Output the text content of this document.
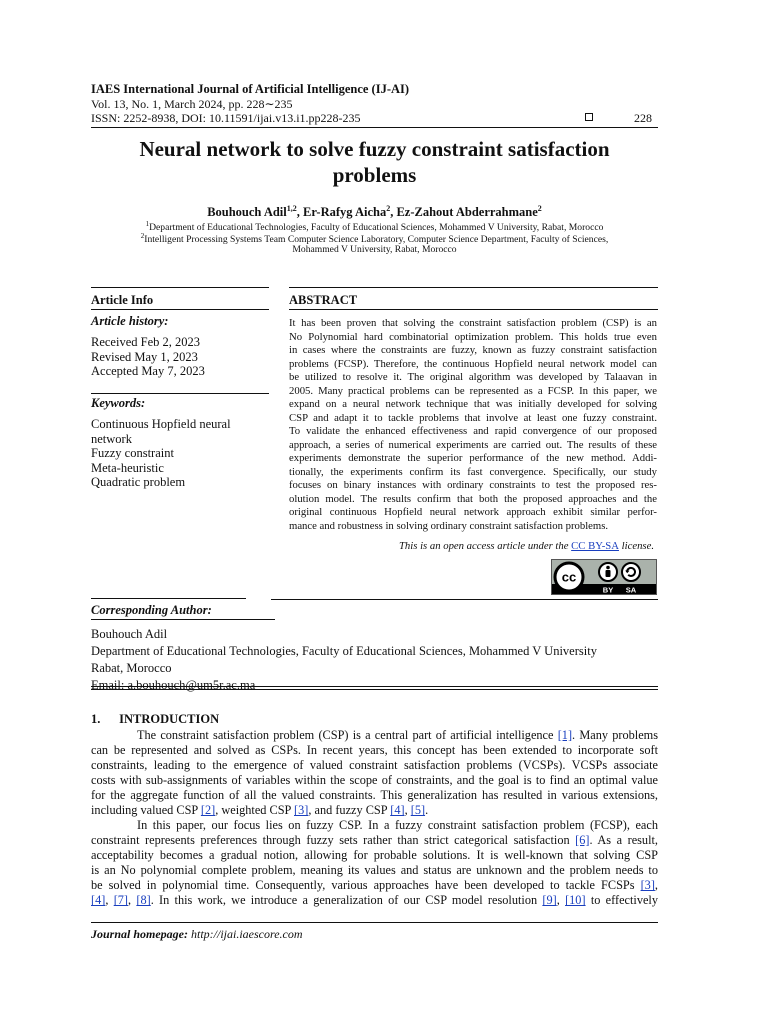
IAES International Journal of Artificial Intelligence (IJ-AI)
Vol. 13, No. 1, March 2024, pp. 228∼235
ISSN: 2252-8938, DOI: 10.11591/ijai.v13.i1.pp228-235	228
Neural network to solve fuzzy constraint satisfaction
problems
Bouhouch Adil$^{1,2}$, Er-Rafyg Aicha$^2$, Ez-Zahout Abderrahmane$^2$
$^1$Department of Educational Technologies, Faculty of Educational Sciences, Mohammed V University, Rabat, Morocco
$^2$Intelligent Processing Systems Team Computer Science Laboratory, Computer Science Department, Faculty of Sciences,
Mohammed V University, Rabat, Morocco
Article Info	ABSTRACT
Article history:
Received Feb 2, 2023
Revised May 1, 2023
Accepted May 7, 2023
Keywords:
Continuous Hopfield neural
network
Fuzzy constraint
Meta-heuristic
Quadratic problem
It has been proven that solving the constraint satisfaction problem (CSP) is an
No Polynomial hard combinatorial optimization problem. This holds true even
in cases where the constraints are fuzzy, known as fuzzy constraint satisfaction
problems (FCSP). Therefore, the continuous Hopfield neural network model can
be utilized to resolve it. The original algorithm was developed by Talaavan in
2005. Many practical problems can be represented as a FCSP. In this paper, we
expand on a neural network technique that was initially developed for solving
CSP and adapt it to tackle problems that involve at least one fuzzy constraint.
To validate the enhanced effectiveness and rapid convergence of our proposed
approach, a series of numerical experiments are carried out. The results of these
experiments demonstrate the superior performance of the new method. Addi-
tionally, the experiments confirm its fast convergence. Specifically, our study
focuses on binary instances with ordinary constraints to test the proposed res-
olution model. The results confirm that both the proposed approaches and the
original continuous Hopfield neural network approach exhibit similar perfor-
mance and robustness in solving ordinary constraint satisfaction problems.
This is an open access article under the CC BY-SA license.
cc
BY SA
Corresponding Author:
Bouhouch Adil
Department of Educational Technologies, Faculty of Educational Sciences, Mohammed V University
Rabat, Morocco
Email: a.bouhouch@um5r.ac.ma
1.      INTRODUCTION
The constraint satisfaction problem (CSP) is a central part of artificial intelligence [1]. Many problems
can be represented and solved as CSPs. In recent years, this concept has been extended to incorporate soft
constraints, leading to the emergence of valued constraint satisfaction problems (VCSPs). VCSPs associate
costs with sub-assignments of variables within the scope of constraints, and the goal is to find an optimal value
for the aggregate function of all the valued constraints. This generalization has resulted in various extensions,
including valued CSP [2], weighted CSP [3], and fuzzy CSP [4], [5].
In this paper, our focus lies on fuzzy CSP. In a fuzzy constraint satisfaction problem (FCSP), each
constraint represents preferences through fuzzy sets rather than strict categorical satisfaction [6]. As a result,
acceptability becomes a gradual notion, allowing for probable solutions. It is well-known that solving CSP
is an No polynomial complete problem, meaning its values and status are unknown and the problem needs to
be solved in polynomial time. Consequently, various approaches have been developed to tackle FCSPs [3],
[4], [7], [8]. In this work, we introduce a generalization of our CSP model resolution [9], [10] to effectively
Journal homepage: http://ijai.iaescore.com
